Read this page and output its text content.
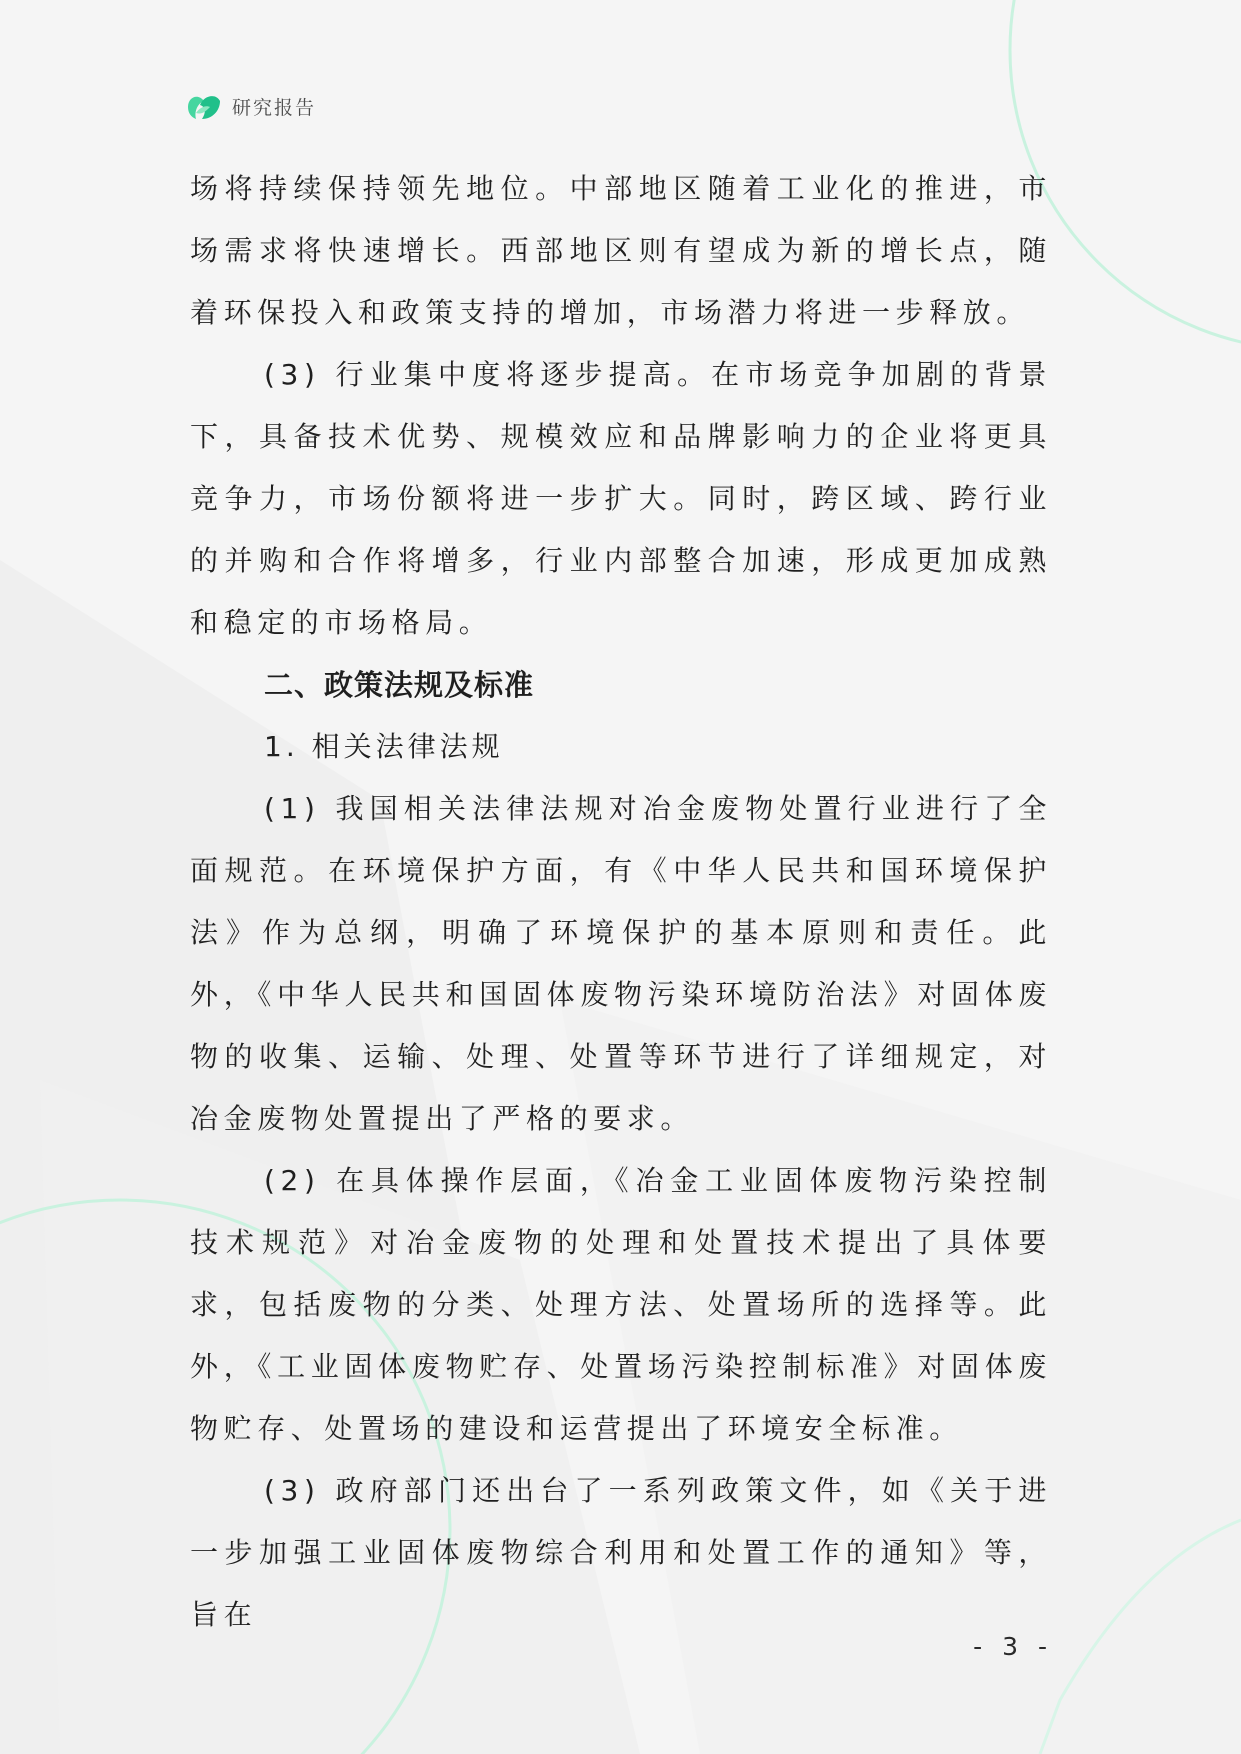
研究报告

场将持续保持领先地位。中部地区随着工业化的推进，市场需求将快速增长。西部地区则有望成为新的增长点，随着环保投入和政策支持的增加，市场潜力将进一步释放。

(3) 行业集中度将逐步提高。在市场竞争加剧的背景下，具备技术优势、规模效应和品牌影响力的企业将更具竞争力，市场份额将进一步扩大。同时，跨区域、跨行业的并购和合作将增多，行业内部整合加速，形成更加成熟和稳定的市场格局。

二、政策法规及标准
1. 相关法律法规

(1) 我国相关法律法规对冶金废物处置行业进行了全面规范。在环境保护方面，有《中华人民共和国环境保护法》作为总纲，明确了环境保护的基本原则和责任。此外，《中华人民共和国固体废物污染环境防治法》对固体废物的收集、运输、处理、处置等环节进行了详细规定，对冶金废物处置提出了严格的要求。

(2) 在具体操作层面，《冶金工业固体废物污染控制技术规范》对冶金废物的处理和处置技术提出了具体要求，包括废物的分类、处理方法、处置场所的选择等。此外，《工业固体废物贮存、处置场污染控制标准》对固体废物贮存、处置场的建设和运营提出了环境安全标准。

(3) 政府部门还出台了一系列政策文件，如《关于进一步加强工业固体废物综合利用和处置工作的通知》等，旨在

- 3 -
